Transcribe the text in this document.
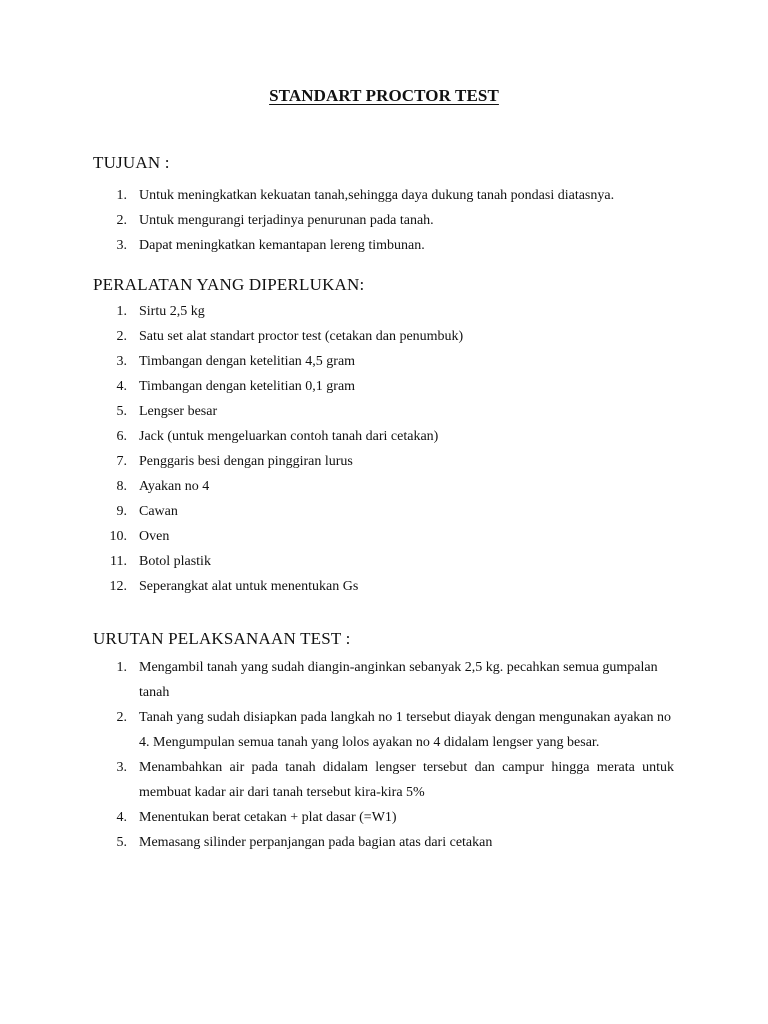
STANDART PROCTOR TEST
TUJUAN :
1. Untuk meningkatkan kekuatan tanah,sehingga daya dukung tanah pondasi diatasnya.
2. Untuk mengurangi terjadinya penurunan pada tanah.
3. Dapat meningkatkan kemantapan lereng timbunan.
PERALATAN YANG DIPERLUKAN:
1. Sirtu 2,5 kg
2. Satu set alat standart proctor test (cetakan dan penumbuk)
3. Timbangan dengan ketelitian 4,5 gram
4. Timbangan dengan ketelitian 0,1 gram
5. Lengser besar
6. Jack (untuk mengeluarkan contoh tanah dari cetakan)
7. Penggaris besi dengan pinggiran lurus
8. Ayakan no 4
9. Cawan
10. Oven
11. Botol plastik
12. Seperangkat alat untuk menentukan Gs
URUTAN PELAKSANAAN TEST :
1. Mengambil tanah yang sudah diangin-anginkan sebanyak 2,5 kg. pecahkan semua gumpalan tanah
2. Tanah yang sudah disiapkan pada langkah no 1 tersebut diayak dengan mengunakan ayakan no 4. Mengumpulan semua tanah yang lolos ayakan no 4 didalam lengser yang besar.
3. Menambahkan air pada tanah didalam lengser tersebut dan campur hingga merata untuk membuat kadar air dari tanah tersebut kira-kira 5%
4. Menentukan berat cetakan + plat dasar (=W1)
5. Memasang silinder perpanjangan pada bagian atas dari cetakan
